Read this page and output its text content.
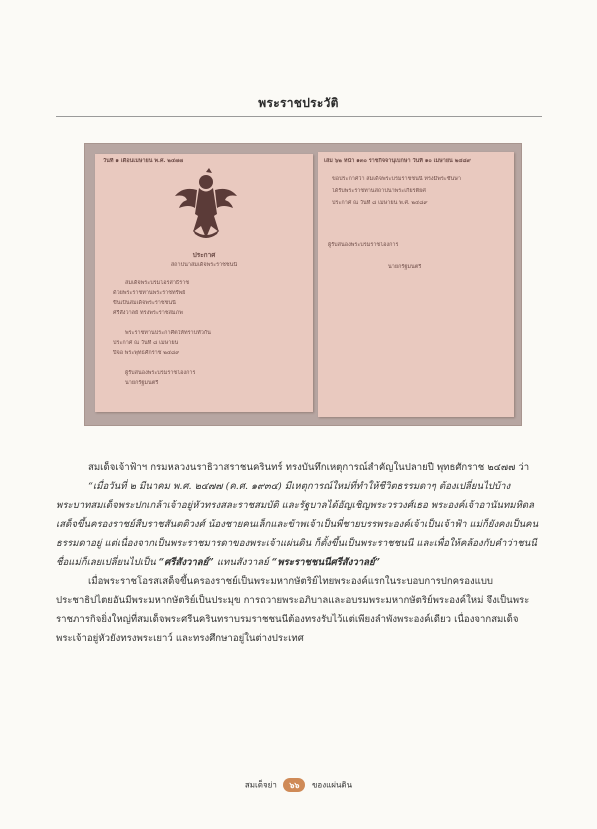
พระราชประวัติ
วันที่ ๑ เดือนเมษายน พ.ศ. ๒๔๗๗
ประกาศ
สถาปนาสมเด็จพระราชชนนี
สมเด็จพระบรมโอรสาธิราช
ด้วยพระราชทานพระราชทรัพย์
ขึ้นเป็นสมเด็จพระราชชนนี
ศรีสังวาลย์ ทรงพระราชสมภพ
พระราชทานประกาศิตให้ทราบทั่วกัน
ประกาศ ณ วันที่ ๘ เมษายน
ปีจอ พระพุทธศักราช ๒๔๘๙
ผู้รับสนองพระบรมราชโองการ
นายกรัฐมนตรี
เล่ม ๖๒ หน้า ๑๓๐ ราชกิจจานุเบกษา วันที่ ๑๐ เมษายน ๒๔๘๙
ขอประกาศว่า สมเด็จพระบรมราชชนนี ทรงมีพระชันษา
ได้รับพระราชทานสถาปนาพระเกียรติยศ
ประกาศ ณ วันที่ ๘ เมษายน พ.ศ. ๒๔๘๙
ผู้รับสนองพระบรมราชโองการ
นายกรัฐมนตรี

สมเด็จเจ้าฟ้าฯ กรมหลวงนราธิวาสราชนครินทร์ ทรงบันทึกเหตุการณ์สำคัญในปลายปี พุทธศักราช ๒๔๗๗ ว่า

“เมื่อวันที่ ๒ มีนาคม พ.ศ. ๒๔๗๗ (ค.ศ. ๑๙๓๔) มีเหตุการณ์ใหม่ที่ทำให้ชีวิตธรรมดาๆ ต้องเปลี่ยนไปบ้าง พระบาทสมเด็จพระปกเกล้าเจ้าอยู่หัวทรงสละราชสมบัติ และรัฐบาลได้อัญเชิญพระวรวงศ์เธอ พระองค์เจ้าอานันทมหิดลเสด็จขึ้นครองราชย์สืบราชสันตติวงศ์ น้องชายคนเล็กและข้าพเจ้าเป็นพี่ชายบรรพระองค์เจ้าเป็นเจ้าฟ้า แม่ก็ยังคงเป็นคนธรรมดาอยู่ แต่เนื่องจากเป็นพระราชมารดาของพระเจ้าแผ่นดิน ก็ตั้งขึ้นเป็นพระราชชนนี และเพื่อให้คล้องกับคำว่าชนนี ชื่อแม่ก็เลยเปลี่ยนไปเป็น “ศรีสังวาลย์” แทนสังวาลย์ “พระราชชนนีศรีสังวาลย์”

เมื่อพระราชโอรสเสด็จขึ้นครองราชย์เป็นพระมหากษัตริย์ไทยพระองค์แรกในระบอบการปกครองแบบประชาธิปไตยอันมีพระมหากษัตริย์เป็นประมุข การถวายพระอภิบาลและอบรมพระมหากษัตริย์พระองค์ใหม่ จึงเป็นพระราชภารกิจยิ่งใหญ่ที่สมเด็จพระศรีนครินทราบรมราชชนนีต้องทรงรับไว้แต่เพียงลำพังพระองค์เดียว เนื่องจากสมเด็จพระเจ้าอยู่หัวยังทรงพระเยาว์ และทรงศึกษาอยู่ในต่างประเทศ

สมเด็จย่า ๖๖ ของแผ่นดิน
